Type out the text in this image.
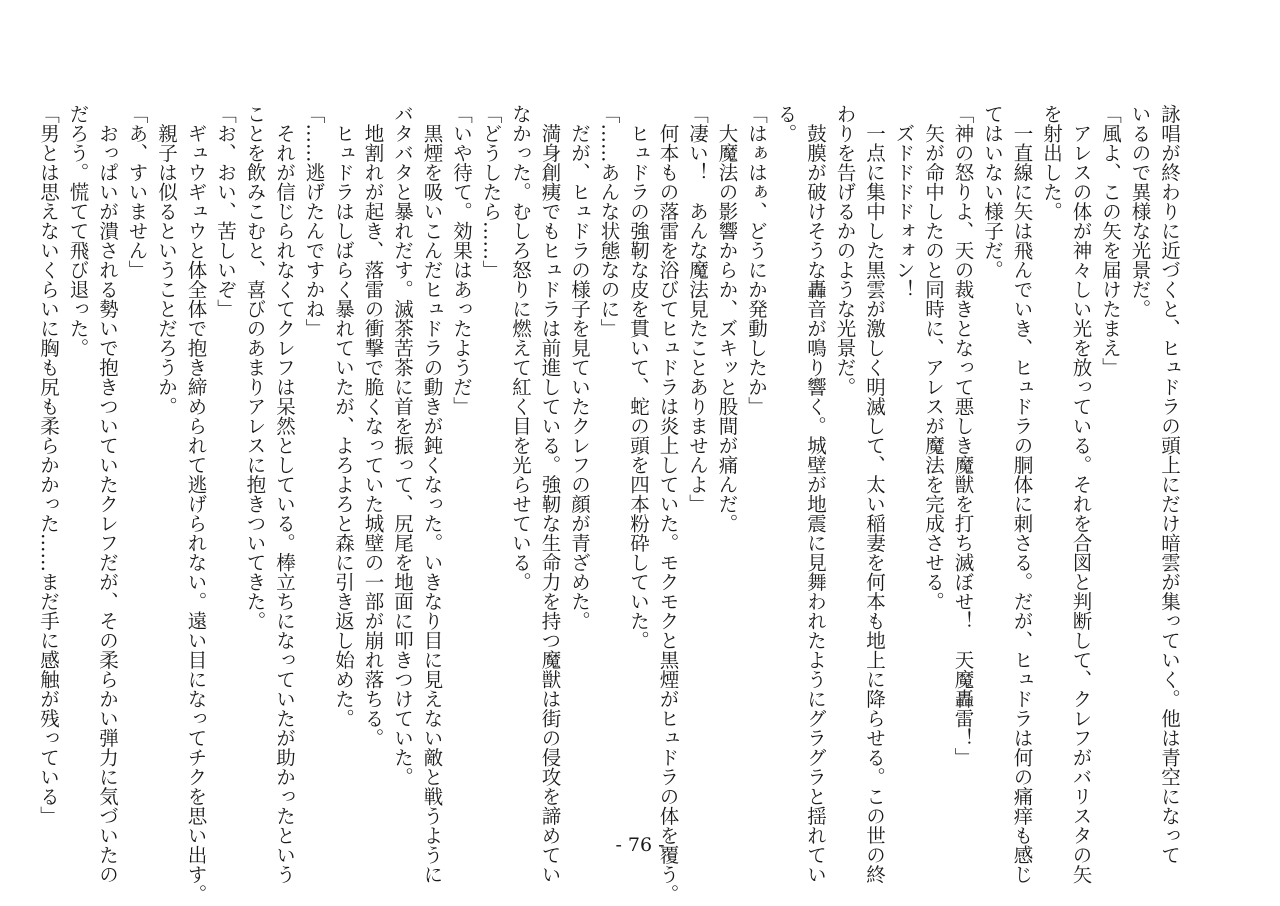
詠唱が終わりに近づくと、ヒュドラの頭上にだけ暗雲が集っていく。他は青空になって
いるので異様な光景だ。
「風よ、この矢を届けたまえ」
　アレスの体が神々しい光を放っている。それを合図と判断して、クレフがバリスタの矢
を射出した。
　一直線に矢は飛んでいき、ヒュドラの胴体に刺さる。だが、ヒュドラは何の痛痒も感じ
てはいない様子だ。
「神の怒りよ、天の裁きとなって悪しき魔獣を打ち滅ぼせ！　天魔轟雷！」
　矢が命中したのと同時に、アレスが魔法を完成させる。
　ズドドドドォォン！
　一点に集中した黒雲が激しく明滅して、太い稲妻を何本も地上に降らせる。この世の終
わりを告げるかのような光景だ。
　鼓膜が破けそうな轟音が鳴り響く。城壁が地震に見舞われたようにグラグラと揺れてい
る。
「はぁはぁ、どうにか発動したか」
　大魔法の影響からか、ズキッと股間が痛んだ。
「凄い！　あんな魔法見たことありませんよ」
　何本もの落雷を浴びてヒュドラは炎上していた。モクモクと黒煙がヒュドラの体を覆う。
　ヒュドラの強靭な皮を貫いて、蛇の頭を四本粉砕していた。
「……あんな状態なのに」
　だが、ヒュドラの様子を見ていたクレフの顔が青ざめた。
　満身創痍でもヒュドラは前進している。強靭な生命力を持つ魔獣は街の侵攻を諦めてい
なかった。むしろ怒りに燃えて紅く目を光らせている。
「どうしたら……」
「いや待て。効果はあったようだ」
　黒煙を吸いこんだヒュドラの動きが鈍くなった。いきなり目に見えない敵と戦うように
バタバタと暴れだす。滅茶苦茶に首を振って、尻尾を地面に叩きつけていた。
　地割れが起き、落雷の衝撃で脆くなっていた城壁の一部が崩れ落ちる。
　ヒュドラはしばらく暴れていたが、よろよろと森に引き返し始めた。
「……逃げたんですかね」
　それが信じられなくてクレフは呆然としている。棒立ちになっていたが助かったという
ことを飲みこむと、喜びのあまりアレスに抱きついてきた。
「お、おい、苦しいぞ」
　ギュウギュウと体全体で抱き締められて逃げられない。遠い目になってチクを思い出す。
　親子は似るということだろうか。
「あ、すいません」
　おっぱいが潰される勢いで抱きついていたクレフだが、その柔らかい弾力に気づいたの
だろう。慌てて飛び退った。
「男とは思えないくらいに胸も尻も柔らかかった……まだ手に感触が残っている」
- 76 -
